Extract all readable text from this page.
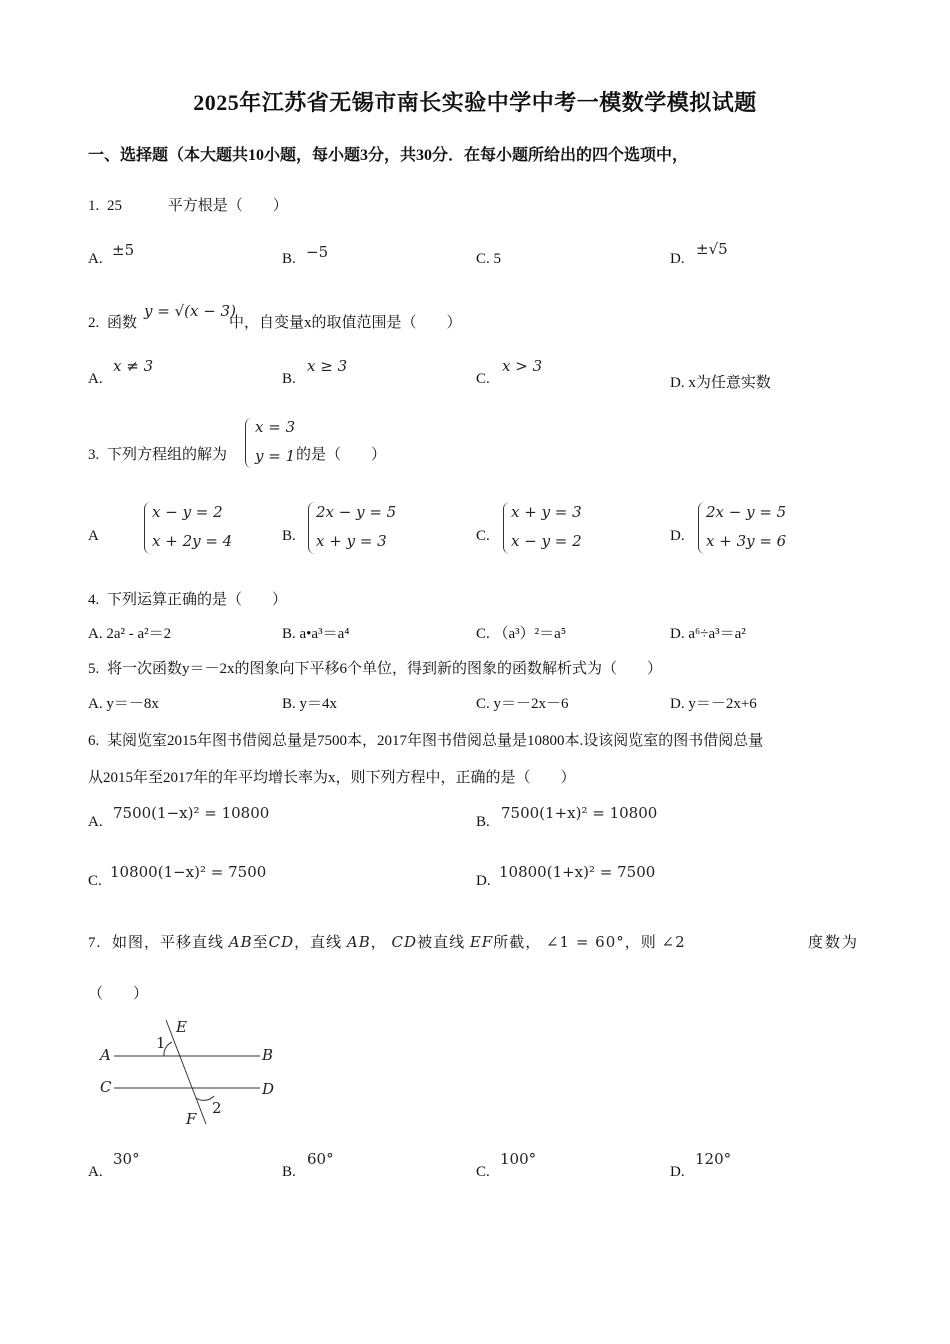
2025年江苏省无锡市南长实验中学中考一模数学模拟试题
一、选择题（本大题共10小题，每小题3分，共30分．在每小题所给出的四个选项中，
1. 25	平方根是（　　）
A. ±5	B. −5	C. 5	D.
±√5
2. 函数
y = √(x − 3)
中，自变量x的取值范围是（　　）
A.
x ≠ 3
B.
x ≥ 3
C.
x > 3
D. x为任意实数
3. 下列方程组的解为
x = 3
y = 1 的是（　　）
A
x − y = 2
x + 2y = 4	B.
2x − y = 5
x + y = 3	C.
x + y = 3
x − y = 2	D.
2x − y = 5
x + 3y = 6
4. 下列运算正确的是（　　）
A. 2a² - a²＝2	B. a•a³＝a⁴	C. （a³）²＝a⁵	D. a⁶÷a³＝a²
5. 将一次函数y＝－2x的图象向下平移6个单位，得到新的图象的函数解析式为（　　）
A. y＝－8x	B. y＝4x	C. y＝－2x－6	D. y＝－2x+6
6. 某阅览室2015年图书借阅总量是7500本，2017年图书借阅总量是10800本.设该阅览室的图书借阅总量
从2015年至2017年的年平均增长率为x，则下列方程中，正确的是（　　）
A. 7500(1−x)² = 10800	B. 7500(1+x)² = 10800
C. 10800(1−x)² = 7500	D. 10800(1+x)² = 7500
7. 如图，平移直线 AB至CD，直线 AB， CD被直线 EF所截， ∠1 = 60°，则 ∠2	度数为
（　　）
A	B
C	D
E
F
1
2
A.
30°
B.
60°
C.
100°
D.
120°
